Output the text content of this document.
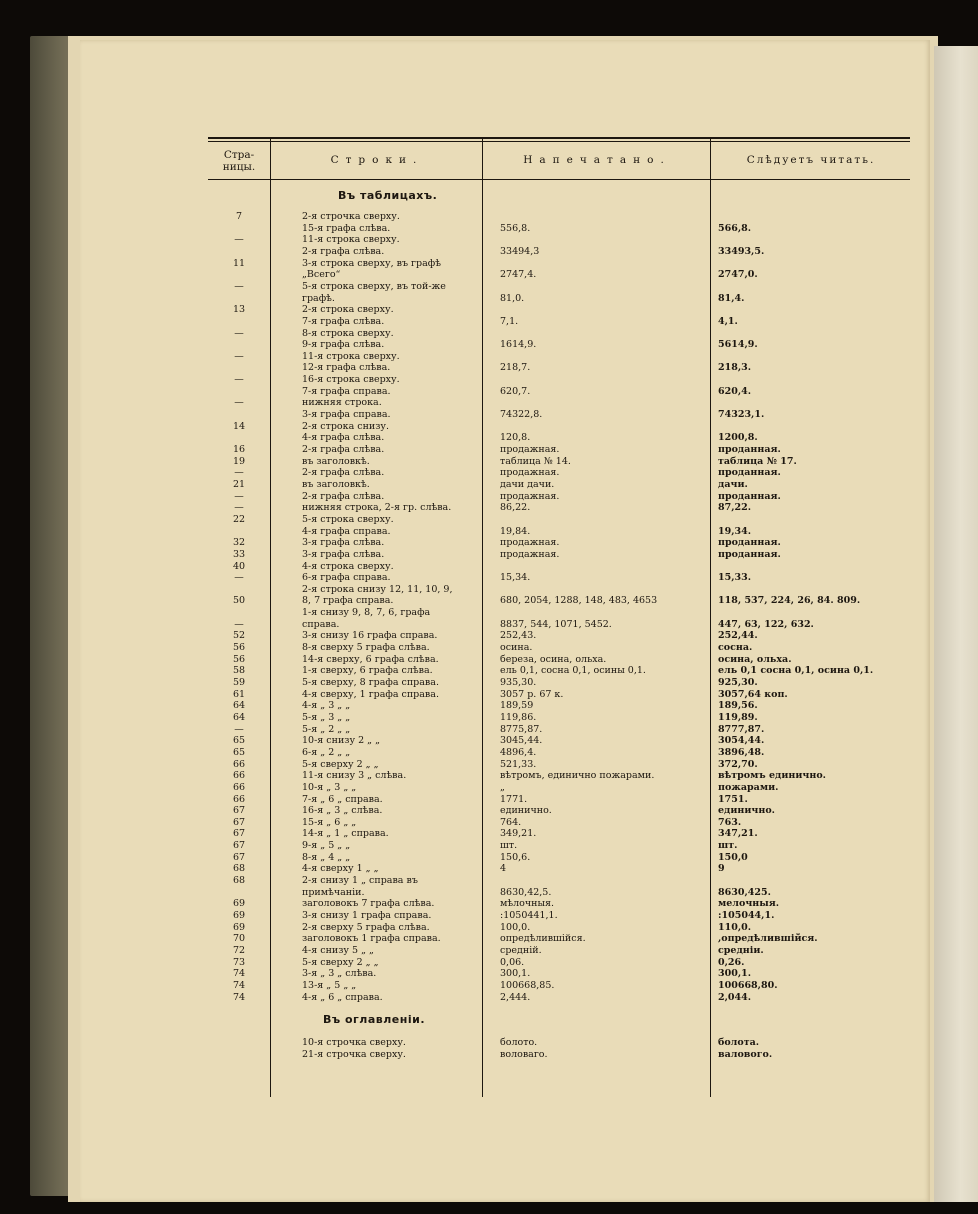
Стра-ницы.
Строки.	Напечатано.	Слѣдуетъ читать.
Въ таблицахъ.
7	2-я строчка сверху.
15-я графа слѣва.	556,8.	566,8.
—	11-я строка сверху.
2-я графа слѣва.	33494,3	33493,5.
11	3-я строка сверху, въ графѣ
„Всего“	2747,4.	2747,0.
—	5-я строка сверху, въ той-же
графѣ.	81,0.	81,4.
13	2-я строка сверху.
7-я графа слѣва.	7,1.	4,1.
—	8-я строка сверху.
9-я графа слѣва.	1614,9.	5614,9.
—	11-я строка сверху.
12-я графа слѣва.	218,7.	218,3.
—	16-я строка сверху.
7-я графа справа.	620,7.	620,4.
—	нижняя строка.
3-я графа справа.	74322,8.	74323,1.
14	2-я строка снизу.
4-я графа слѣва.	120,8.	1200,8.
16	2-я графа слѣва.	продажная.	проданная.
19	въ заголовкѣ.	таблица № 14.	таблица № 17.
—	2-я графа слѣва.	продажная.	проданная.
21	въ заголовкѣ.	дачи дачи.	дачи.
—	2-я графа слѣва.	продажная.	проданная.
—	нижняя строка, 2-я гр. слѣва.	86,22.	87,22.
22	5-я строка сверху.
4-я графа справа.	19,84.	19,34.
32	3-я графа слѣва.	продажная.	проданная.
33	3-я графа слѣва.	продажная.	проданная.
40	4-я строка сверху.
—	6-я графа справа.	15,34.	15,33.
2-я строка снизу 12, 11, 10, 9,
50	8, 7 графа справа.	680, 2054, 1288, 148, 483, 4653	118, 537, 224, 26, 84. 809.
1-я снизу 9, 8, 7, 6, графа
—	справа.	8837, 544, 1071, 5452.	447, 63, 122, 632.
52	3-я снизу 16 графа справа.	252,43.	252,44.
56	8-я сверху 5 графа слѣва.	осина.	сосна.
56	14-я сверху, 6 графа слѣва.	береза, осина, ольха.	осина, ольха.
58	1-я сверху, 6 графа слѣва.	ель 0,1, сосна 0,1, осины 0,1.	ель 0,1 сосна 0,1, осина 0,1.
59	5-я сверху, 8 графа справа.	935,30.	925,30.
61	4-я сверху, 1 графа справа.	3057 р. 67 к.	3057,64 коп.
64	4-я „ 3 „ „	189,59	189,56.
64	5-я „ 3 „ „	119,86.	119,89.
—	5-я „ 2 „ „	8775,87.	8777,87.
65	10-я снизу 2 „ „	3045,44.	3054,44.
65	6-я „ 2 „ „	4896,4.	3896,48.
66	5-я сверху 2 „ „	521,33.	372,70.
66	11-я снизу 3 „ слѣва.	вѣтромъ, единично пожарами.	вѣтромъ единично.
66	10-я „ 3 „ „	„	пожарами.
66	7-я „ 6 „ справа.	1771.	1751.
67	16-я „ 3 „ слѣва.	единично.	единично.
67	15-я „ 6 „ „	764.	763.
67	14-я „ 1 „ справа.	349,21.	347,21.
67	9-я „ 5 „ „	шт.	шт.
67	8-я „ 4 „ „	150,6.	150,0
68	4-я сверху 1 „ „	4	9
68	2-я снизу 1 „ справа въ
примѣчаніи.	8630,42,5.	8630,425.
69	заголовокъ 7 графа слѣва.	мѣлочныя.	мелочныя.
69	3-я снизу 1 графа справа.	:1050441,1.	:105044,1.
69	2-я сверху 5 графа слѣва.	100,0.	110,0.
70	заголовокъ 1 графа справа.	опредѣлившійся.	,опредѣлившійся.
72	4-я снизу 5 „ „	среднiй.	среднiи.
73	5-я сверху 2 „ „	0,06.	0,26.
74	3-я „ 3 „ слѣва.	300,1.	300,1.
74	13-я „ 5 „ „	100668,85.	100668,80.
74	4-я „ 6 „ справа.	2,444.	2,044.
Въ оглавленіи.
10-я строчка сверху.	болото.	болота.
21-я строчка сверху.	воловаго.	валового.
